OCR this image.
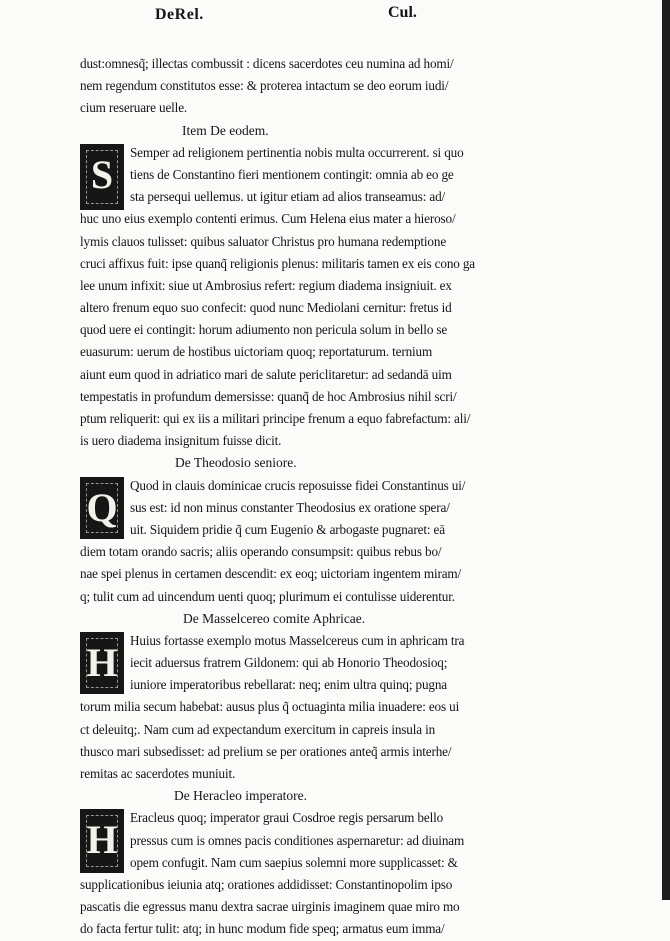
DeRel.	Cul.
dust:omnesq̃; illectas combussit : dicens sacerdotes ceu numina ad homi/
nem regendum constitutos esse: & proterea intactum se deo eorum iudi/
cium reseruare uelle.
Item De eodem.
S	Semper ad religionem pertinentia nobis multa occurrerent. si quo
tiens de Constantino fieri mentionem contingit: omnia ab eo ge
sta persequi uellemus. ut igitur etiam ad alios transeamus: ad/
huc uno eius exemplo contenti erimus. Cum Helena eius mater a hieroso/
lymis clauos tulisset: quibus saluator Christus pro humana redemptione
cruci affixus fuit: ipse quanq̃ religionis plenus: militaris tamen ex eis cono ga
lee unum infixit: siue ut Ambrosius refert: regium diadema insigniuit. ex
altero frenum equo suo confecit: quod nunc Mediolani cernitur: fretus id
quod uere ei contingit: horum adiumento non pericula solum in bello se
euasurum: uerum de hostibus uictoriam quoq; reportaturum. ternium
aiunt eum quod in adriatico mari de salute periclitaretur: ad sedandā uim
tempestatis in profundum demersisse: quanq̃ de hoc Ambrosius nihil scri/
ptum reliquerit: qui ex iis a militari principe frenum a equo fabrefactum: ali/
is uero diadema insignitum fuisse dicit.
De Theodosio seniore.
Q Quod in clauis dominicae crucis reposuisse fidei Constantinus ui/
sus est: id non minus constanter Theodosius ex oratione spera/
uit. Siquidem pridie q̃ cum Eugenio & arbogaste pugnaret: eā
diem totam orando sacris; aliis operando consumpsit: quibus rebus bo/
nae spei plenus in certamen descendit: ex eoq; uictoriam ingentem miram/
q; tulit cum ad uincendum uenti quoq; plurimum ei contulisse uiderentur.
De Masselcereo comite Aphricae.
H Huius fortasse exemplo motus Masselcereus cum in aphricam tra
iecit aduersus fratrem Gildonem: qui ab Honorio Theodosioq;
iuniore imperatoribus rebellarat: neq; enim ultra quinq; pugna
torum milia secum habebat: ausus plus q̃ octuaginta milia inuadere: eos ui
ct deleuitq;. Nam cum ad expectandum exercitum in capreis insula in
thusco mari subsedisset: ad prelium se per orationes anteq̃ armis interhe/
remitas ac sacerdotes muniuit.
De Heracleo imperatore.
H Eracleus quoq; imperator graui Cosdroe regis persarum bello
pressus cum is omnes pacis conditiones aspernaretur: ad diuinam
opem confugit. Nam cum saepius solemni more supplicasset: &
supplicationibus ieiunia atq; orationes addidisset: Constantinopolim ipso
pascatis die egressus manu dextra sacrae uirginis imaginem quae miro mo
do facta fertur tulit: atq; in hunc modum fide speq; armatus eum imma/
